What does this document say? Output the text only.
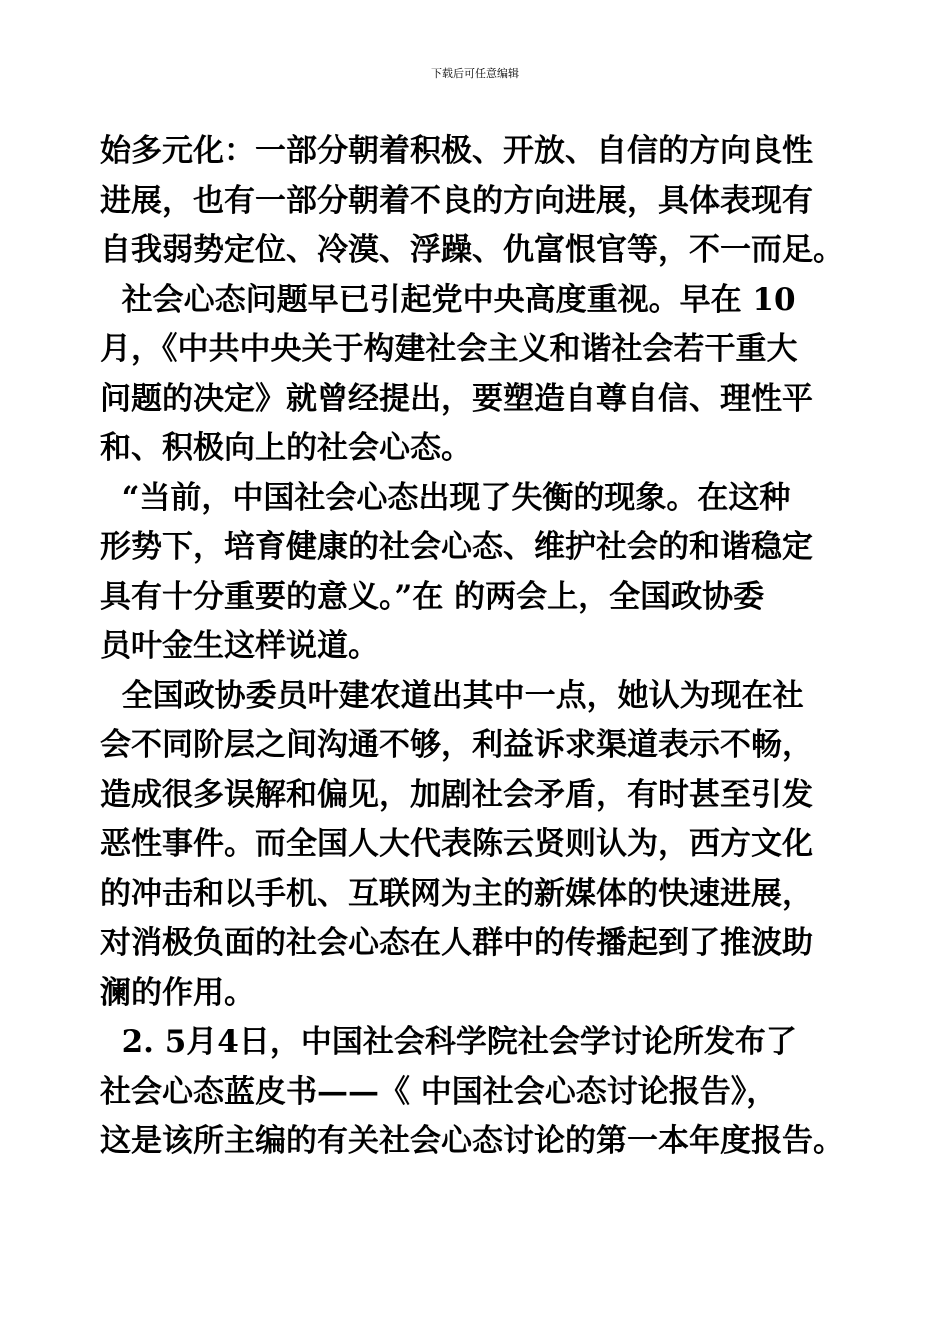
下载后可任意编辑
始多元化：一部分朝着积极、开放、自信的方向良性
进展，也有一部分朝着不良的方向进展，具体表现有
自我弱势定位、冷漠、浮躁、仇富恨官等，不一而足。
社会心态问题早已引起党中央高度重视。早在 10
月，《中共中央关于构建社会主义和谐社会若干重大
问题的决定》就曾经提出，要塑造自尊自信、理性平
和、积极向上的社会心态。
“当前，中国社会心态出现了失衡的现象。在这种
形势下，培育健康的社会心态、维护社会的和谐稳定
具有十分重要的意义。”在 的两会上，全国政协委
员叶金生这样说道。
全国政协委员叶建农道出其中一点，她认为现在社
会不同阶层之间沟通不够，利益诉求渠道表示不畅，
造成很多误解和偏见，加剧社会矛盾，有时甚至引发
恶性事件。而全国人大代表陈云贤则认为，西方文化
的冲击和以手机、互联网为主的新媒体的快速进展，
对消极负面的社会心态在人群中的传播起到了推波助
澜的作用。
2. 5月4日，中国社会科学院社会学讨论所发布了
社会心态蓝皮书——《 中国社会心态讨论报告》，
这是该所主编的有关社会心态讨论的第一本年度报告。
